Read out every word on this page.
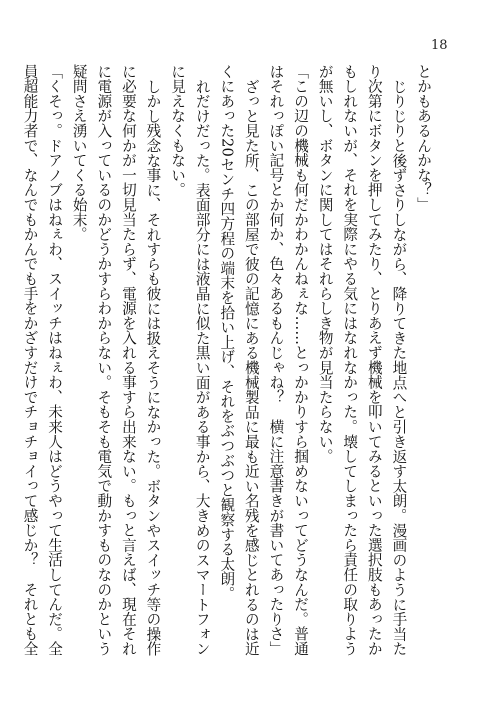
18

とかもあるんかな？」

じりじりと後ずさりしながら、降りてきた地点へと引き返す太朗。漫画のように手当たり次第にボタンを押してみたり、とりあえず機械を叩いてみるといった選択肢もあったかもしれないが、それを実際にやる気にはなれなかった。壊してしまったら責任の取りようが無いし、ボタンに関してはそれらしき物が見当たらない。

「この辺の機械も何だかわかんねぇな……とっかかりすら掴めないってどうなんだ。普通はそれっぽい記号とか何か、色々あるもんじゃね？　横に注意書きが書いてあったりさ」

ざっと見た所、この部屋で彼の記憶にある機械製品に最も近い名残を感じとれるのは近くにあった20センチ四方程の端末を拾い上げ、それをぶつぶつと観察する太朗。

れだけだった。表面部分には液晶に似た黒い面がある事から、大きめのスマートフォンに見えなくもない。

しかし残念な事に、それすらも彼には扱えそうになかった。ボタンやスイッチ等の操作に必要な何かが一切見当たらず、電源を入れる事すら出来ない。もっと言えば、現在それに電源が入っているのかどうかすらわからない。そもそも電気で動かすものなのかという疑問さえ湧いてくる始末。

「くそっ。ドアノブはねぇわ、スイッチはねぇわ、未来人はどうやって生活してんだ。全員超能力者で、なんでもかんでも手をかざすだけでチョチョイって感じか？　それとも全
